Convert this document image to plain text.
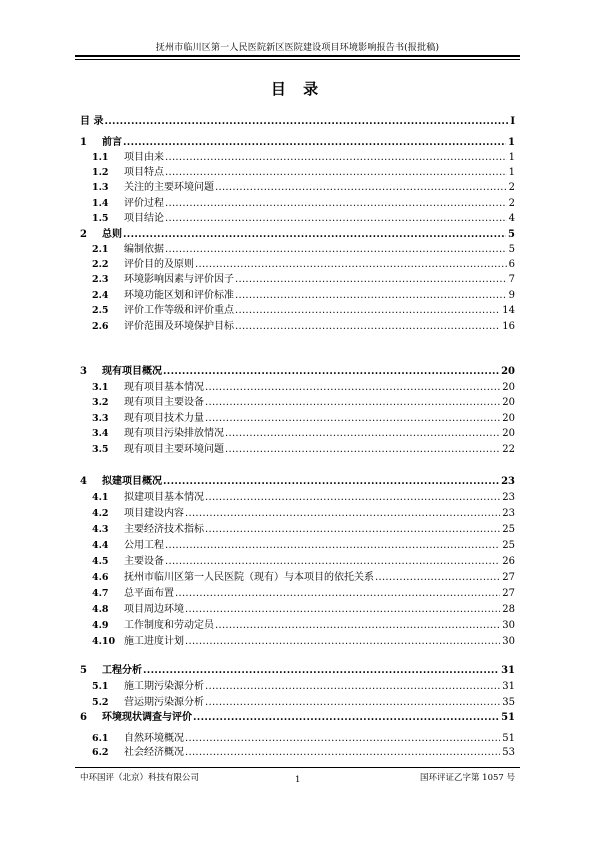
抚州市临川区第一人民医院新区医院建设项目环境影响报告书(报批稿)
目 录
目 录 .....	I
1	前言 .....	1
1.1	项目由来 .....	1
1.2	项目特点 .....	1
1.3	关注的主要环境问题 .....	2
1.4	评价过程 .....	2
1.5	项目结论 .....	4
2	总则 .....	5
2.1	编制依据 .....	5
2.2	评价目的及原则 .....	6
2.3	环境影响因素与评价因子 .....	7
2.4	环境功能区划和评价标准 .....	9
2.5	评价工作等级和评价重点 .....	14
2.6	评价范围及环境保护目标 .....	16
3	现有项目概况 .....	20
3.1	现有项目基本情况 .....	20
3.2	现有项目主要设备 .....	20
3.3	现有项目技术力量 .....	20
3.4	现有项目污染排放情况 .....	20
3.5	现有项目主要环境问题 .....	22
4	拟建项目概况 .....	23
4.1	拟建项目基本情况 .....	23
4.2	项目建设内容 .....	23
4.3	主要经济技术指标 .....	25
4.4	公用工程 .....	25
4.5	主要设备 .....	26
4.6	抚州市临川区第一人民医院（现有）与本项目的依托关系 .....	27
4.7	总平面布置 .....	27
4.8	项目周边环境 .....	28
4.9	工作制度和劳动定员 .....	30
4.10 施工进度计划 .....	30
5	工程分析 .....	31
5.1	施工期污染源分析 .....	31
5.2	营运期污染源分析 .....	35
6	环境现状调查与评价 .....	51
6.1	自然环境概况 .....	51
6.2	社会经济概况 .....	53
中环国评（北京）科技有限公司	1	国环评证乙字第 1057 号
